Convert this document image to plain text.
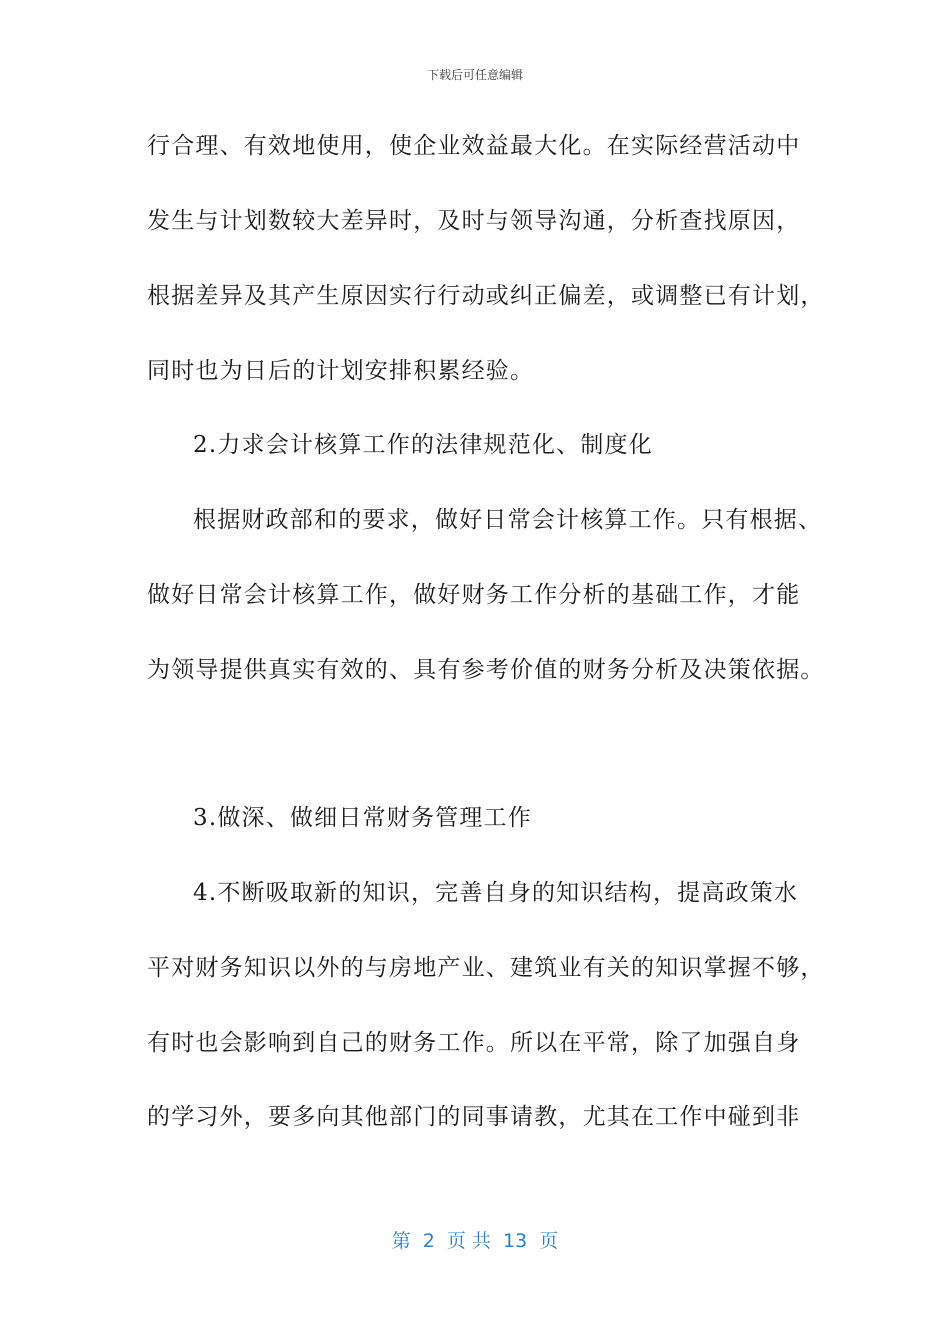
下载后可任意编辑
行合理、有效地使用，使企业效益最大化。在实际经营活动中
发生与计划数较大差异时，及时与领导沟通，分析查找原因，
根据差异及其产生原因实行行动或纠正偏差，或调整已有计划，
同时也为日后的计划安排积累经验。
2.力求会计核算工作的法律规范化、制度化
根据财政部和的要求，做好日常会计核算工作。只有根据、
做好日常会计核算工作，做好财务工作分析的基础工作，才能
为领导提供真实有效的、具有参考价值的财务分析及决策依据。
3.做深、做细日常财务管理工作
4.不断吸取新的知识，完善自身的知识结构，提高政策水
平对财务知识以外的与房地产业、建筑业有关的知识掌握不够，
有时也会影响到自己的财务工作。所以在平常，除了加强自身
的学习外，要多向其他部门的同事请教，尤其在工作中碰到非
第  2  页 共  13  页
